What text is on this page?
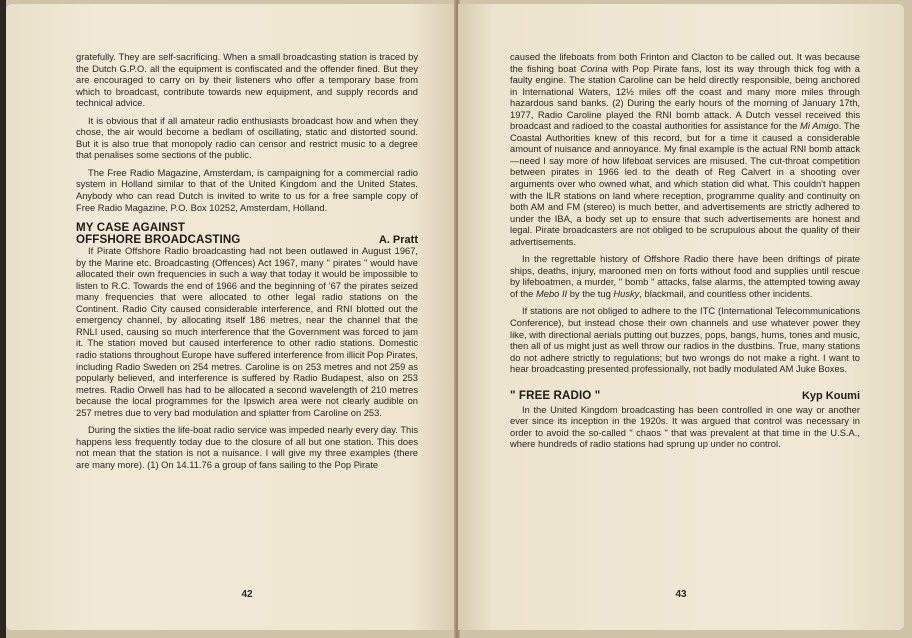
gratefully. They are self-sacrificing. When a small broadcasting station is traced by the Dutch G.P.O. all the equipment is confiscated and the offender fined. But they are encouraged to carry on by their listeners who offer a temporary base from which to broadcast, contribute towards new equipment, and supply records and technical advice.

It is obvious that if all amateur radio enthusiasts broadcast how and when they chose, the air would become a bedlam of oscillating, static and distorted sound. But it is also true that monopoly radio can censor and restrict music to a degree that penalises some sections of the public.

The Free Radio Magazine, Amsterdam, is campaigning for a commercial radio system in Holland similar to that of the United Kingdom and the United States. Anybody who can read Dutch is invited to write to us for a free sample copy of Free Radio Magazine, P.O. Box 10252, Amsterdam, Holland.

MY CASE AGAINST
OFFSHORE BROADCASTING	A. Pratt

If Pirate Offshore Radio broadcasting had not been outlawed in August 1967, by the Marine etc. Broadcasting (Offences) Act 1967, many " pirates " would have allocated their own frequencies in such a way that today it would be impossible to listen to R.C. Towards the end of 1966 and the beginning of '67 the pirates seized many frequencies that were allocated to other legal radio stations on the Continent. Radio City caused considerable interference, and RNI blotted out the emergency channel, by allocating itself 186 metres, near the channel that the RNLI used, causing so much interference that the Government was forced to jam it. The station moved but caused interference to other radio stations. Domestic radio stations throughout Europe have suffered interference from illicit Pop Pirates, including Radio Sweden on 254 metres. Caroline is on 253 metres and not 259 as popularly believed, and interference is suffered by Radio Budapest, also on 253 metres. Radio Orwell has had to be allocated a second wavelength of 210 metres because the local programmes for the Ipswich area were not clearly audible on 257 metres due to very bad modulation and splatter from Caroline on 253.

During the sixties the life-boat radio service was impeded nearly every day. This happens less frequently today due to the closure of all but one station. This does not mean that the station is not a nuisance. I will give my three examples (there are many more). (1) On 14.11.76 a group of fans sailing to the Pop Pirate

42

caused the lifeboats from both Frinton and Clacton to be called out. It was because the fishing boat Corina with Pop Pirate fans, lost its way through thick fog with a faulty engine. The station Caroline can be held directly responsible, being anchored in International Waters, 12½ miles off the coast and many more miles through hazardous sand banks. (2) During the early hours of the morning of January 17th, 1977, Radio Caroline played the RNI bomb attack. A Dutch vessel received this broadcast and radioed to the coastal authorities for assistance for the Mi Amigo. The Coastal Authorities knew of this record, but for a time it caused a considerable amount of nuisance and annoyance. My final example is the actual RNI bomb attack—need I say more of how lifeboat services are misused. The cut-throat competition between pirates in 1966 led to the death of Reg Calvert in a shooting over arguments over who owned what, and which station did what. This couldn't happen with the ILR stations on land where reception, programme quality and continuity on both AM and FM (stereo) is much better, and advertisements are strictly adhered to under the IBA, a body set up to ensure that such advertisements are honest and legal. Pirate broadcasters are not obliged to be scrupulous about the quality of their advertisements.

In the regrettable history of Offshore Radio there have been driftings of pirate ships, deaths, injury, marooned men on forts without food and supplies until rescue by lifeboatmen, a murder, " bomb " attacks, false alarms, the attempted towing away of the Mebo II by the tug Husky, blackmail, and countless other incidents.

If stations are not obliged to adhere to the ITC (International Telecommunications Conference), but instead chose their own channels and use whatever power they like, with directional aerials putting out buzzes, pops, bangs, hums, tones and music, then all of us might just as well throw our radios in the dustbins. True, many stations do not adhere strictly to regulations; but two wrongs do not make a right. I want to hear broadcasting presented professionally, not badly modulated AM Juke Boxes.

" FREE RADIO "	Kyp Koumi

In the United Kingdom broadcasting has been controlled in one way or another ever since its inception in the 1920s. It was argued that control was necessary in order to avoid the so-called " chaos " that was prevalent at that time in the U.S.A., where hundreds of radio stations had sprung up under no control.

43
